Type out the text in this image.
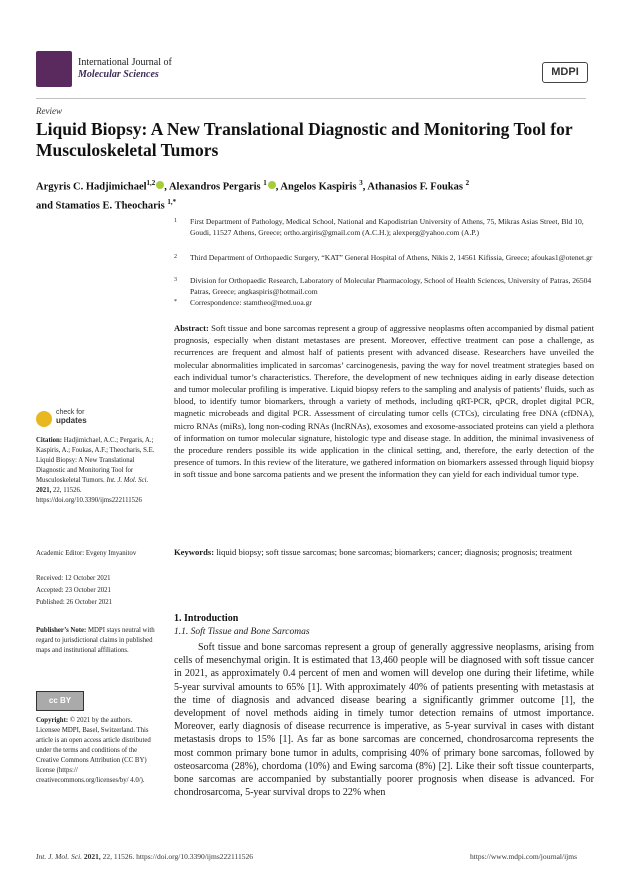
International Journal of
Molecular Sciences	MDPI
Review
Liquid Biopsy: A New Translational Diagnostic and Monitoring Tool for Musculoskeletal Tumors
Argyris C. Hadjimichael$^{1,2}$ , Alexandros Pergaris $^1$ , Angelos Kaspiris $^3$, Athanasios F. Foukas $^2$
and Stamatios E. Theocharis $^{1,*}$
1 First Department of Pathology, Medical School, National and Kapodistrian University of Athens, 75, Mikras Asias Street, Bld 10, Goudi, 11527 Athens, Greece; ortho.argiris@gmail.com (A.C.H.); alexperg@yahoo.com (A.P.)
2 Third Department of Orthopaedic Surgery, “KAT” General Hospital of Athens, Nikis 2, 14561 Kifissia, Greece; afoukas1@otenet.gr
3 Division for Orthopaedic Research, Laboratory of Molecular Pharmacology, School of Health Sciences, University of Patras, 26504 Patras, Greece; angkaspiris@hotmail.com
* Correspondence: stamtheo@med.uoa.gr
Abstract: Soft tissue and bone sarcomas represent a group of aggressive neoplasms often accompanied by dismal patient prognosis, especially when distant metastases are present. Moreover, effective treatment can pose a challenge, as recurrences are frequent and almost half of patients present with advanced disease. Researchers have unveiled the molecular abnormalities implicated in sarcomas’ carcinogenesis, paving the way for novel treatment strategies based on each individual tumor’s characteristics. Therefore, the development of new techniques aiding in early disease detection and tumor molecular profiling is imperative. Liquid biopsy refers to the sampling and analysis of patients’ fluids, such as blood, to identify tumor biomarkers, through a variety of methods, including qRT-PCR, qPCR, droplet digital PCR, magnetic microbeads and digital PCR. Assessment of circulating tumor cells (CTCs), circulating free DNA (cfDNA), micro RNAs (miRs), long non-coding RNAs (lncRNAs), exosomes and exosome-associated proteins can yield a plethora of information on tumor molecular signature, histologic type and disease stage. In addition, the minimal invasiveness of the procedure renders possible its wide application in the clinical setting, and, therefore, the early detection of the presence of tumors. In this review of the literature, we gathered information on biomarkers assessed through liquid biopsy in soft tissue and bone sarcoma patients and we present the information they can yield for each individual tumor type.
Keywords: liquid biopsy; soft tissue sarcomas; bone sarcomas; biomarkers; cancer; diagnosis; prognosis; treatment
check for
updates
Citation: Hadjimichael, A.C.; Pergaris, A.; Kaspiris, A.; Foukas, A.F.; Theocharis, S.E. Liquid Biopsy: A New Translational Diagnostic and Monitoring Tool for Musculoskeletal Tumors. Int. J. Mol. Sci. 2021, 22, 11526. https://doi.org/10.3390/ijms222111526
Academic Editor: Evgeny Imyanitov
Received: 12 October 2021
Accepted: 23 October 2021
Published: 26 October 2021
Publisher’s Note: MDPI stays neutral with regard to jurisdictional claims in published maps and institutional affiliations.
cc BY
Copyright: © 2021 by the authors. Licensee MDPI, Basel, Switzerland. This article is an open access article distributed under the terms and conditions of the Creative Commons Attribution (CC BY) license (https:// creativecommons.org/licenses/by/ 4.0/).
1. Introduction
1.1. Soft Tissue and Bone Sarcomas
Soft tissue and bone sarcomas represent a group of generally aggressive neoplasms, arising from cells of mesenchymal origin. It is estimated that 13,460 people will be diagnosed with soft tissue cancer in 2021, as approximately 0.4 percent of men and women will develop one during their lifetime, while 5-year survival amounts to 65% [1]. With approximately 40% of patients presenting with metastasis at the time of diagnosis and advanced disease bearing a significantly grimmer outcome [1], the development of novel methods aiding in timely tumor detection remains of utmost importance. Moreover, early diagnosis of disease recurrence is imperative, as 5-year survival in cases with distant metastasis drops to 15% [1]. As far as bone sarcomas are concerned, chondrosarcoma represents the most common primary bone tumor in adults, comprising 40% of primary bone sarcomas, followed by osteosarcoma (28%), chordoma (10%) and Ewing sarcoma (8%) [2]. Like their soft tissue counterparts, bone sarcomas are accompanied by substantially poorer prognosis when disease is advanced. For chondrosarcoma, 5-year survival drops to 22% when
Int. J. Mol. Sci. 2021, 22, 11526. https://doi.org/10.3390/ijms222111526	https://www.mdpi.com/journal/ijms
